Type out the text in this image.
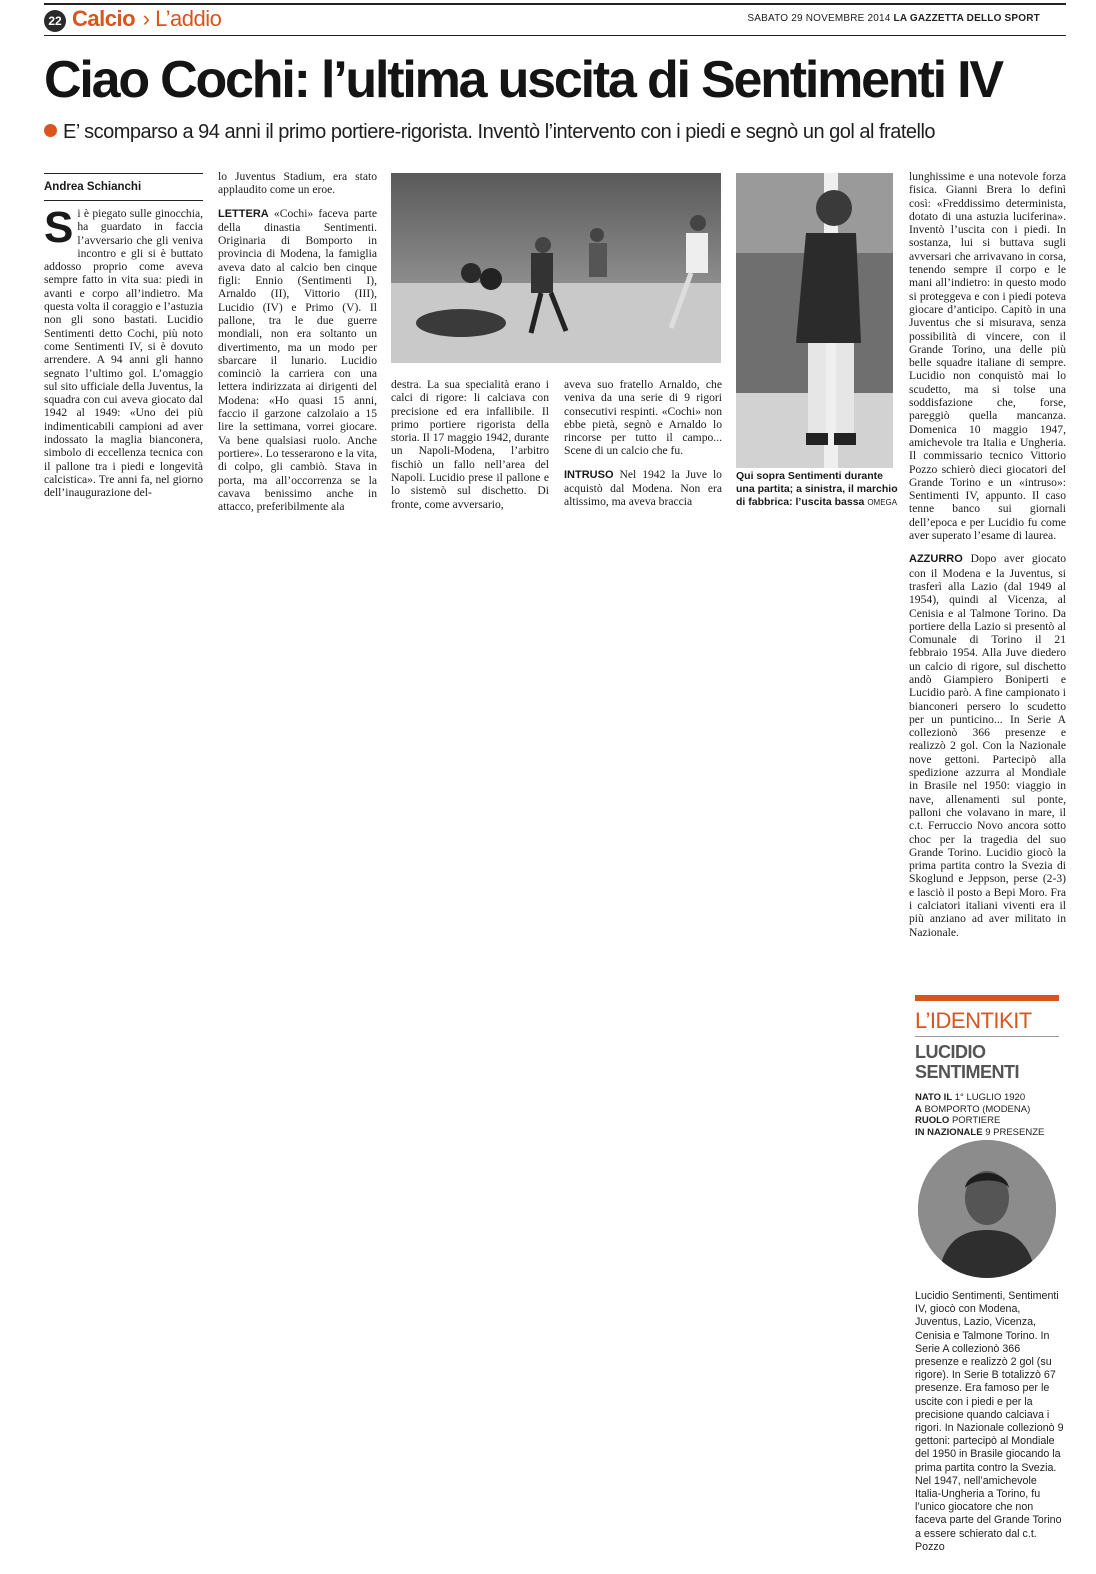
22 Calcio › L’addio	SABATO 29 NOVEMBRE 2014 LA GAZZETTA DELLO SPORT
Ciao Cochi: l’ultima uscita di Sentimenti IV
E’ scomparso a 94 anni il primo portiere-rigorista. Inventò l’intervento con i piedi e segnò un gol al fratello
Andrea Schianchi
Si è piegato sulle ginocchia, ha guardato in faccia l’avversario che gli veniva incontro e gli si è buttato addosso proprio come aveva sempre fatto in vita sua: piedi in avanti e corpo all’indietro. Ma questa volta il coraggio e l’astuzia non gli sono bastati. Lucidio Sentimenti detto Cochi, più noto come Sentimenti IV, si è dovuto arrendere. A 94 anni gli hanno segnato l’ultimo gol. L’omaggio sul sito ufficiale della Juventus, la squadra con cui aveva giocato dal 1942 al 1949: «Uno dei più indimenticabili campioni ad aver indossato la maglia bianconera, simbolo di eccellenza tecnica con il pallone tra i piedi e longevità calcistica». Tre anni fa, nel giorno dell’inaugurazione del-
lo Juventus Stadium, era stato applaudito come un eroe.
LETTERA «Cochi» faceva parte della dinastia Sentimenti. Originaria di Bomporto in provincia di Modena, la famiglia aveva dato al calcio ben cinque figli: Ennio (Sentimenti I), Arnaldo (II), Vittorio (III), Lucidio (IV) e Primo (V). Il pallone, tra le due guerre mondiali, non era soltanto un divertimento, ma un modo per sbarcare il lunario. Lucidio cominciò la carriera con una lettera indirizzata ai dirigenti del Modena: «Ho quasi 15 anni, faccio il garzone calzolaio a 15 lire la settimana, vorrei giocare. Va bene qualsiasi ruolo. Anche portiere». Lo tesserarono e la vita, di colpo, gli cambiò. Stava in porta, ma all’occorrenza se la cavava benissimo anche in attacco, preferibilmente ala
destra. La sua specialità erano i calci di rigore: li calciava con precisione ed era infallibile. Il primo portiere rigorista della storia. Il 17 maggio 1942, durante un Napoli-Modena, l’arbitro fischiò un fallo nell’area del Napoli. Lucidio prese il pallone e lo sistemò sul dischetto. Di fronte, come avversario,
aveva suo fratello Arnaldo, che veniva da una serie di 9 rigori consecutivi respinti. «Cochi» non ebbe pietà, segnò e Arnaldo lo rincorse per tutto il campo... Scene di un calcio che fu.
INTRUSO Nel 1942 la Juve lo acquistò dal Modena. Non era altissimo, ma aveva braccia
Qui sopra Sentimenti durante una partita; a sinistra, il marchio di fabbrica: l’uscita bassa OMEGA
lunghissime e una notevole forza fisica. Gianni Brera lo definì così: «Freddissimo determinista, dotato di una astuzia luciferina». Inventò l’uscita con i piedi. In sostanza, lui si buttava sugli avversari che arrivavano in corsa, tenendo sempre il corpo e le mani all’indietro: in questo modo si proteggeva e con i piedi poteva giocare d’anticipo. Capitò in una Juventus che si misurava, senza possibilità di vincere, con il Grande Torino, una delle più belle squadre italiane di sempre. Lucidio non conquistò mai lo scudetto, ma si tolse una soddisfazione che, forse, pareggiò quella mancanza. Domenica 10 maggio 1947, amichevole tra Italia e Ungheria. Il commissario tecnico Vittorio Pozzo schierò dieci giocatori del Grande Torino e un «intruso»: Sentimenti IV, appunto. Il caso tenne banco sui giornali dell’epoca e per Lucidio fu come aver superato l’esame di laurea.
AZZURRO Dopo aver giocato con il Modena e la Juventus, si trasferì alla Lazio (dal 1949 al 1954), quindi al Vicenza, al Cenisia e al Talmone Torino. Da portiere della Lazio si presentò al Comunale di Torino il 21 febbraio 1954. Alla Juve diedero un calcio di rigore, sul dischetto andò Giampiero Boniperti e Lucidio parò. A fine campionato i bianconeri persero lo scudetto per un punticino... In Serie A collezionò 366 presenze e realizzò 2 gol. Con la Nazionale nove gettoni. Partecipò alla spedizione azzurra al Mondiale in Brasile nel 1950: viaggio in nave, allenamenti sul ponte, palloni che volavano in mare, il c.t. Ferruccio Novo ancora sotto choc per la tragedia del suo Grande Torino. Lucidio giocò la prima partita contro la Svezia di Skoglund e Jeppson, perse (2-3) e lasciò il posto a Bepi Moro. Fra i calciatori italiani viventi era il più anziano ad aver militato in Nazionale.
L’IDENTIKIT
LUCIDIO
SENTIMENTI
NATO IL 1° LUGLIO 1920
A BOMPORTO (MODENA)
RUOLO PORTIERE
IN NAZIONALE 9 PRESENZE
Lucidio Sentimenti, Sentimenti IV, giocò con Modena, Juventus, Lazio, Vicenza, Cenisia e Talmone Torino. In Serie A collezionò 366 presenze e realizzò 2 gol (su rigore). In Serie B totalizzò 67 presenze. Era famoso per le uscite con i piedi e per la precisione quando calciava i rigori. In Nazionale collezionò 9 gettoni: partecipò al Mondiale del 1950 in Brasile giocando la prima partita contro la Svezia. Nel 1947, nell’amichevole Italia-Ungheria a Torino, fu l’unico giocatore che non faceva parte del Grande Torino a essere schierato dal c.t. Pozzo
